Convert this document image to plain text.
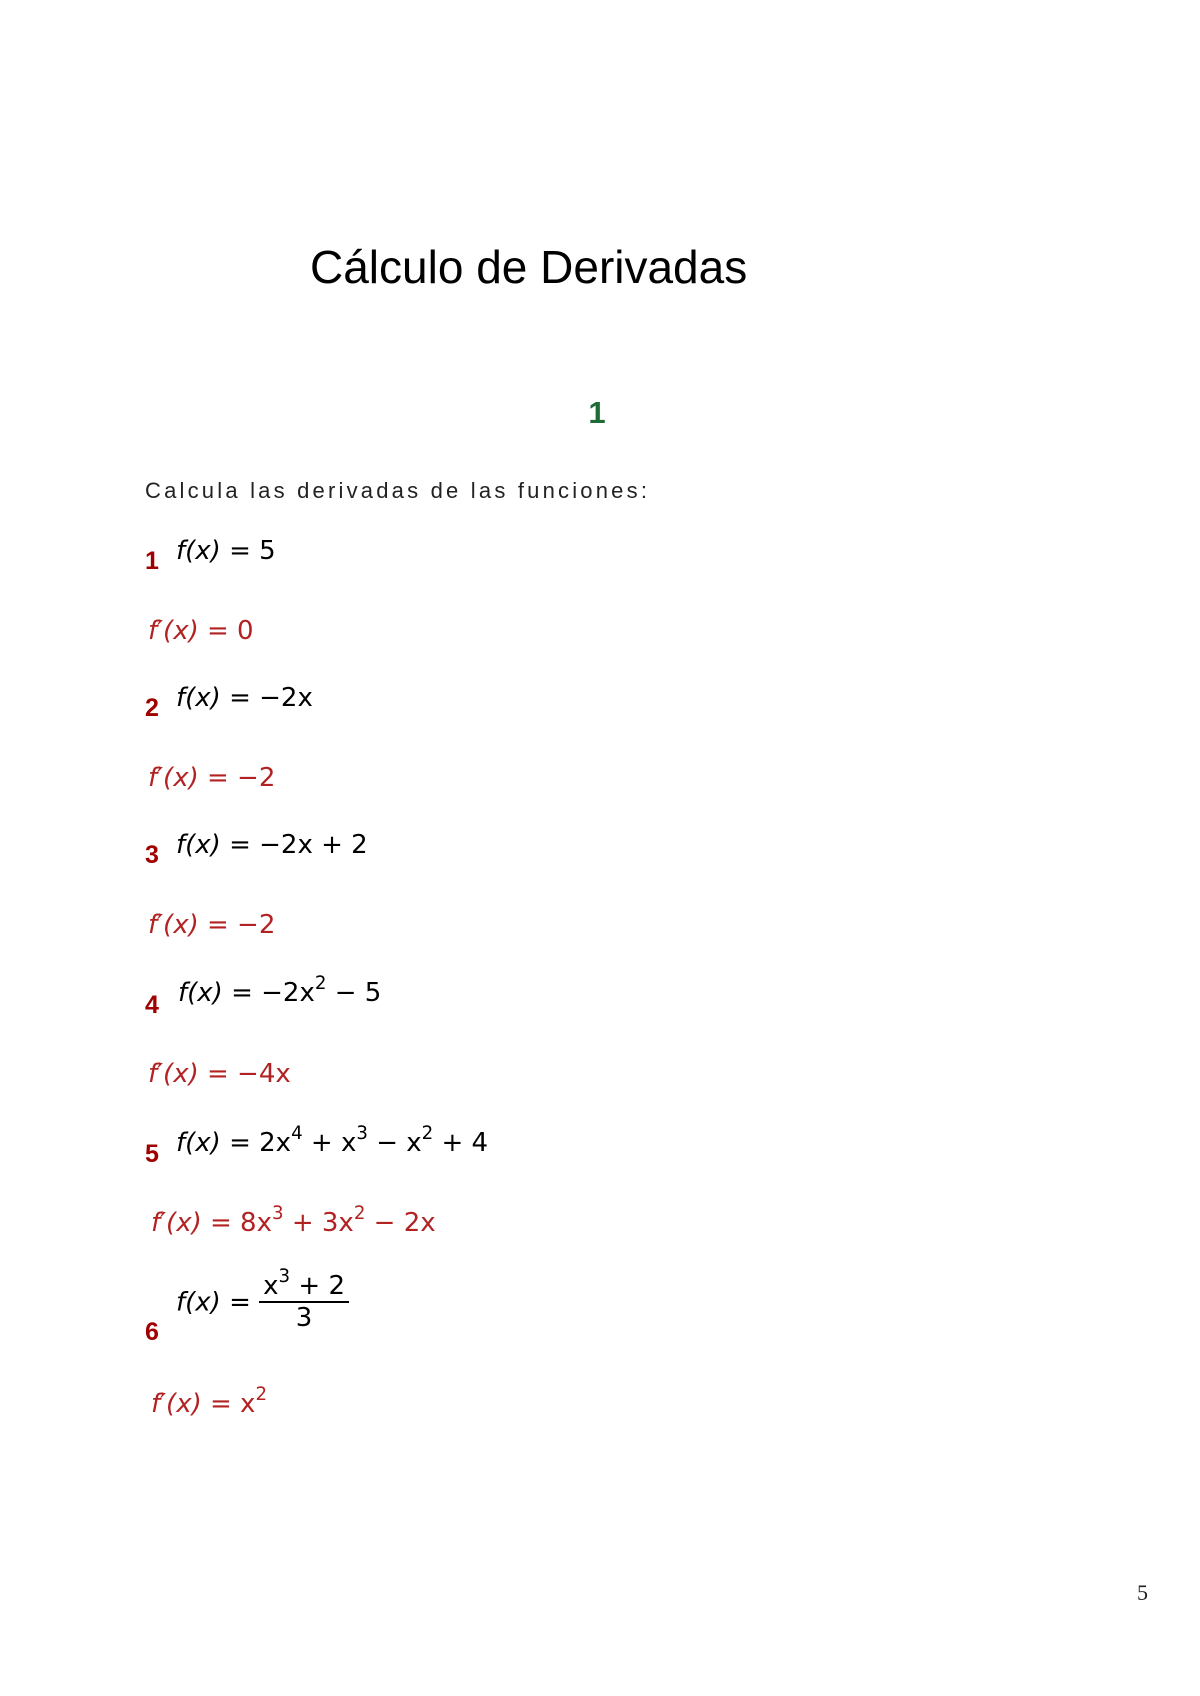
Cálculo de Derivadas
1
Calcula las derivadas de las funciones:
1 f(x) = 5
f′(x) = 0
2 f(x) = −2x
f′(x) = −2
3 f(x) = −2x + 2
f′(x) = −2
4 $f(x) = -2x^2 - 5$
f′(x) = −4x
5 $f(x) = 2x^4 + x^3 - x^2 + 4$
$f'(x) = 8x^3 + 3x^2 - 2x$
6
$f(x) = \frac{x^3 + 2}{3}$
$f'(x) = x^2$
5
